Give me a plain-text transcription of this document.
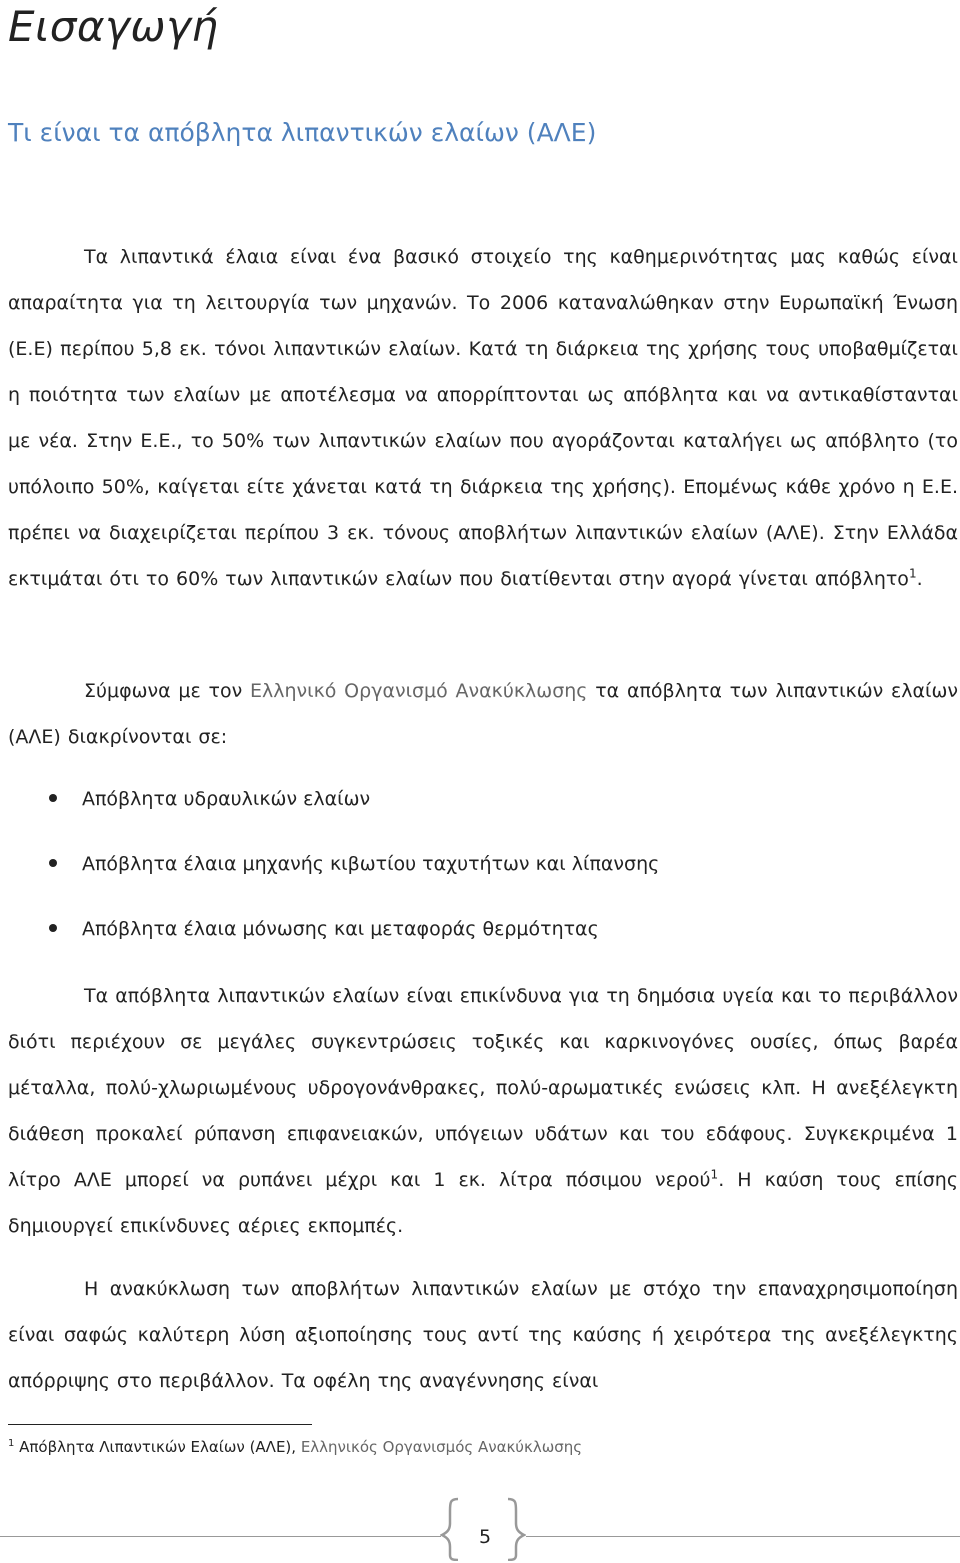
Εισαγωγή
Τι είναι τα απόβλητα λιπαντικών ελαίων (ΑΛΕ)

Τα λιπαντικά έλαια είναι ένα βασικό στοιχείο της καθημερινότητας μας καθώς είναι απαραίτητα για τη λειτουργία των μηχανών. Το 2006 καταναλώθηκαν στην Ευρωπαϊκή Ένωση (Ε.Ε) περίπου 5,8 εκ. τόνοι λιπαντικών ελαίων. Κατά τη διάρκεια της χρήσης τους υποβαθμίζεται η ποιότητα των ελαίων με αποτέλεσμα να απορρίπτονται ως απόβλητα και να αντικαθίστανται με νέα. Στην Ε.Ε., το 50% των λιπαντικών ελαίων που αγοράζονται καταλήγει ως απόβλητο (το υπόλοιπο 50%, καίγεται είτε χάνεται κατά τη διάρκεια της χρήσης). Επομένως κάθε χρόνο η Ε.Ε. πρέπει να διαχειρίζεται περίπου 3 εκ. τόνους αποβλήτων λιπαντικών ελαίων (ΑΛΕ). Στην Ελλάδα εκτιμάται ότι το 60% των λιπαντικών ελαίων που διατίθενται στην αγορά γίνεται απόβλητο$^1$.

Σύμφωνα με τον Ελληνικό Οργανισμό Ανακύκλωσης τα απόβλητα των λιπαντικών ελαίων (ΑΛΕ) διακρίνονται σε:

Απόβλητα υδραυλικών ελαίων
Απόβλητα έλαια μηχανής κιβωτίου ταχυτήτων και λίπανσης
Απόβλητα έλαια μόνωσης και μεταφοράς θερμότητας

Τα απόβλητα λιπαντικών ελαίων είναι επικίνδυνα για τη δημόσια υγεία και το περιβάλλον διότι περιέχουν σε μεγάλες συγκεντρώσεις τοξικές και καρκινογόνες ουσίες, όπως βαρέα μέταλλα, πολύ-χλωριωμένους υδρογονάνθρακες, πολύ-αρωματικές ενώσεις κλπ. Η ανεξέλεγκτη διάθεση προκαλεί ρύπανση επιφανειακών, υπόγειων υδάτων και του εδάφους. Συγκεκριμένα 1 λίτρο ΑΛΕ μπορεί να ρυπάνει μέχρι και 1 εκ. λίτρα πόσιμου νερού$^1$. Η καύση τους επίσης δημιουργεί επικίνδυνες αέριες εκπομπές.

Η ανακύκλωση των αποβλήτων λιπαντικών ελαίων με στόχο την επαναχρησιμοποίηση είναι σαφώς καλύτερη λύση αξιοποίησης τους αντί της καύσης ή χειρότερα της ανεξέλεγκτης απόρριψης στο περιβάλλον. Τα οφέλη της αναγέννησης είναι

$^1$ Απόβλητα Λιπαντικών Ελαίων (ΑΛΕ), Ελληνικός Οργανισμός Ανακύκλωσης
5
